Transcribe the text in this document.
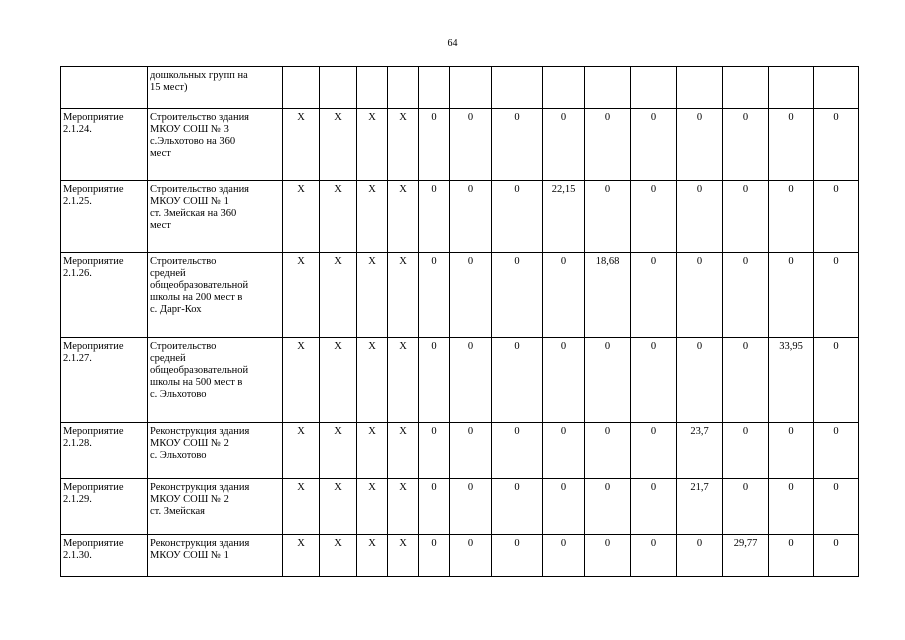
64
	дошкольных групп на
15 мест)														
Мероприятие
2.1.24.	Строительство здания
МКОУ СОШ № 3
с.Эльхотово на 360
мест	X	X	X	X	0	0	0	0	0	0	0	0	0	0
Мероприятие
2.1.25.	Строительство здания
МКОУ СОШ № 1
ст. Змейская на 360
мест	X	X	X	X	0	0	0	22,15	0	0	0	0	0	0
Мероприятие
2.1.26.	Строительство
средней
общеобразовательной
школы на 200 мест в
с. Дарг-Кох	X	X	X	X	0	0	0	0	18,68	0	0	0	0	0
Мероприятие
2.1.27.	Строительство
средней
общеобразовательной
школы на 500 мест в
с. Эльхотово	X	X	X	X	0	0	0	0	0	0	0	0	33,95	0
Мероприятие
2.1.28.	Реконструкция здания
МКОУ СОШ № 2
с. Эльхотово	X	X	X	X	0	0	0	0	0	0	23,7	0	0	0
Мероприятие
2.1.29.	Реконструкция здания
МКОУ СОШ № 2
ст. Змейская	X	X	X	X	0	0	0	0	0	0	21,7	0	0	0
Мероприятие
2.1.30.	Реконструкция здания
МКОУ СОШ № 1	X	X	X	X	0	0	0	0	0	0	0	29,77	0	0
